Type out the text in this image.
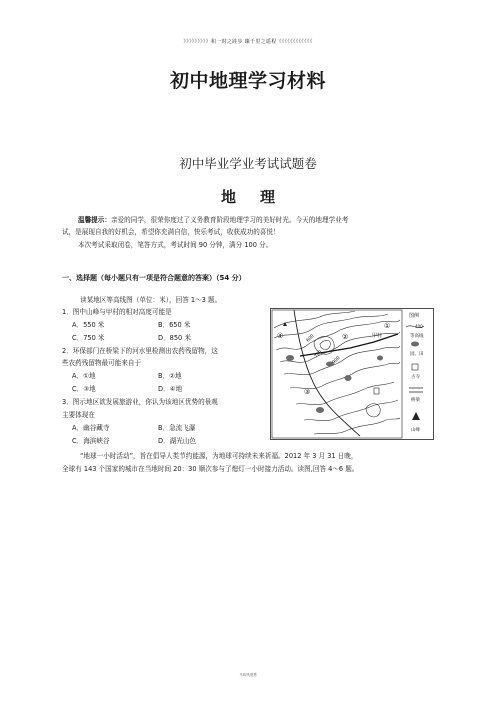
》》》》》》》》》积一时之跬步 臻千里之遥程《《《《《《《《《《《《
初中地理学习材料
初中毕业学业考试试题卷
地理
温馨提示：亲爱的同学，很荣你度过了义务教育阶段地理学习的美好时光。今天的地理学业考
试，是展现自我的好机会，希望你充满自信，快乐考试，收获成功的喜悦！
本次考试采取闭卷，笔答方式，考试时间 90 分钟，满分 100 分。
一、选择题（每小题只有一项是符合题意的答案）（54 分）
读某地区等高线图（单位：米），回答 1～3 题。
1．图中山峰与甲村的相对高度可能是
A．550 米	B．650 米
C．750 米	D．850 米
2．环保部门在桥梁下的河水里检测出农药残留物，这
些农药残留物最可能来自于
A．①地	B．②地
C．③地	D．④地
3．图示地区欲发展旅游业，你认为该地区优势的景观
主要体现在
A．幽谷藏寺	B．急流飞瀑
C．海滨峡谷	D．湖光山色
“地球一小时活动”，旨在倡导人类节约能源，为地球可持续未来祈福。2012 年 3 月 31 日晚，
全球有 143 个国家的城市在当地时间 20：30 顺次参与了熄灯一小时接力活动。读图,回答 4～6 题。
④	②
③
①
甲村
600
700
900
图例
400
等高线
园、田
古寺
桥梁
山峰
马鸣风萧萧
